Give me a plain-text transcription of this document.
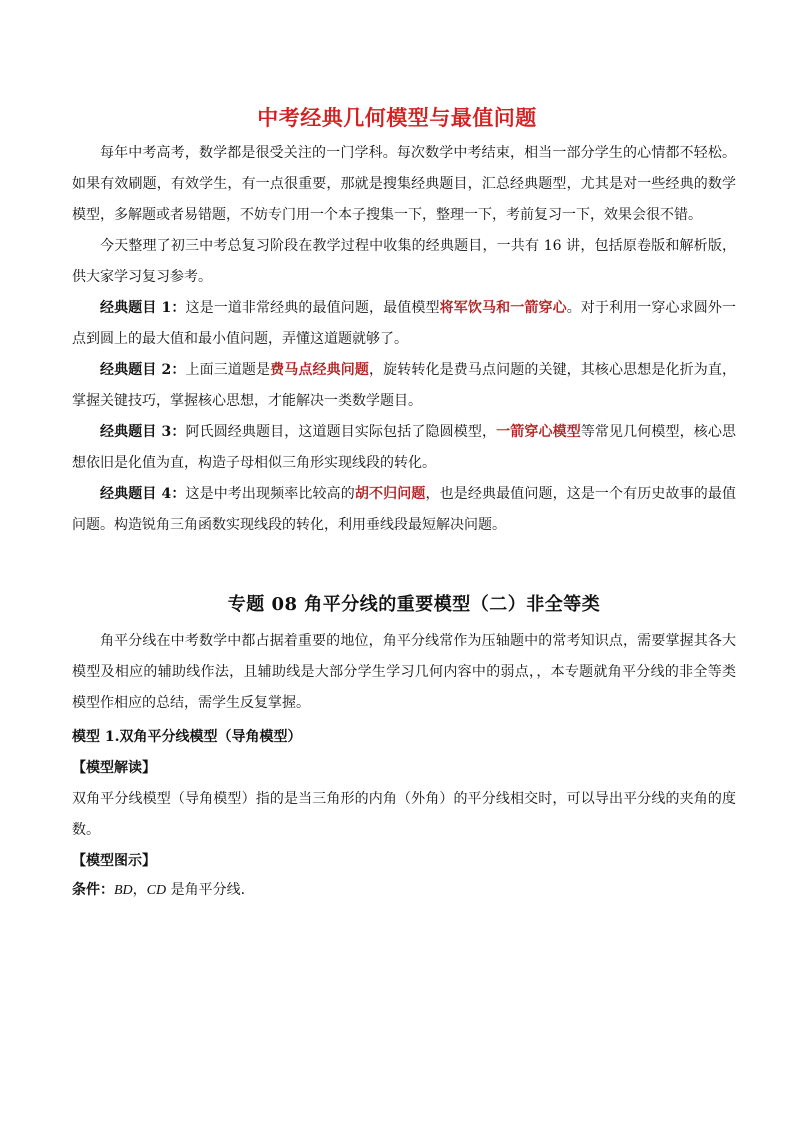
中考经典几何模型与最值问题
每年中考高考，数学都是很受关注的一门学科。每次数学中考结束，相当一部分学生的心情都不轻松。如果有效刷题，有效学生，有一点很重要，那就是搜集经典题目，汇总经典题型，尤其是对一些经典的数学模型，多解题或者易错题，不妨专门用一个本子搜集一下，整理一下，考前复习一下，效果会很不错。
今天整理了初三中考总复习阶段在教学过程中收集的经典题目，一共有 16 讲，包括原卷版和解析版，供大家学习复习参考。
经典题目 1：这是一道非常经典的最值问题，最值模型将军饮马和一箭穿心。对于利用一穿心求圆外一点到圆上的最大值和最小值问题，弄懂这道题就够了。
经典题目 2：上面三道题是费马点经典问题，旋转转化是费马点问题的关键，其核心思想是化折为直，掌握关键技巧，掌握核心思想，才能解决一类数学题目。
经典题目 3：阿氏圆经典题目，这道题目实际包括了隐圆模型，一箭穿心模型等常见几何模型，核心思想依旧是化值为直，构造子母相似三角形实现线段的转化。
经典题目 4：这是中考出现频率比较高的胡不归问题，也是经典最值问题，这是一个有历史故事的最值问题。构造锐角三角函数实现线段的转化，利用垂线段最短解决问题。
专题 08 角平分线的重要模型（二）非全等类
角平分线在中考数学中都占据着重要的地位，角平分线常作为压轴题中的常考知识点，需要掌握其各大模型及相应的辅助线作法，且辅助线是大部分学生学习几何内容中的弱点，，本专题就角平分线的非全等类模型作相应的总结，需学生反复掌握。
模型 1.双角平分线模型（导角模型）
【模型解读】
双角平分线模型（导角模型）指的是当三角形的内角（外角）的平分线相交时，可以导出平分线的夹角的度数。
【模型图示】
条件：BD，CD 是角平分线.
